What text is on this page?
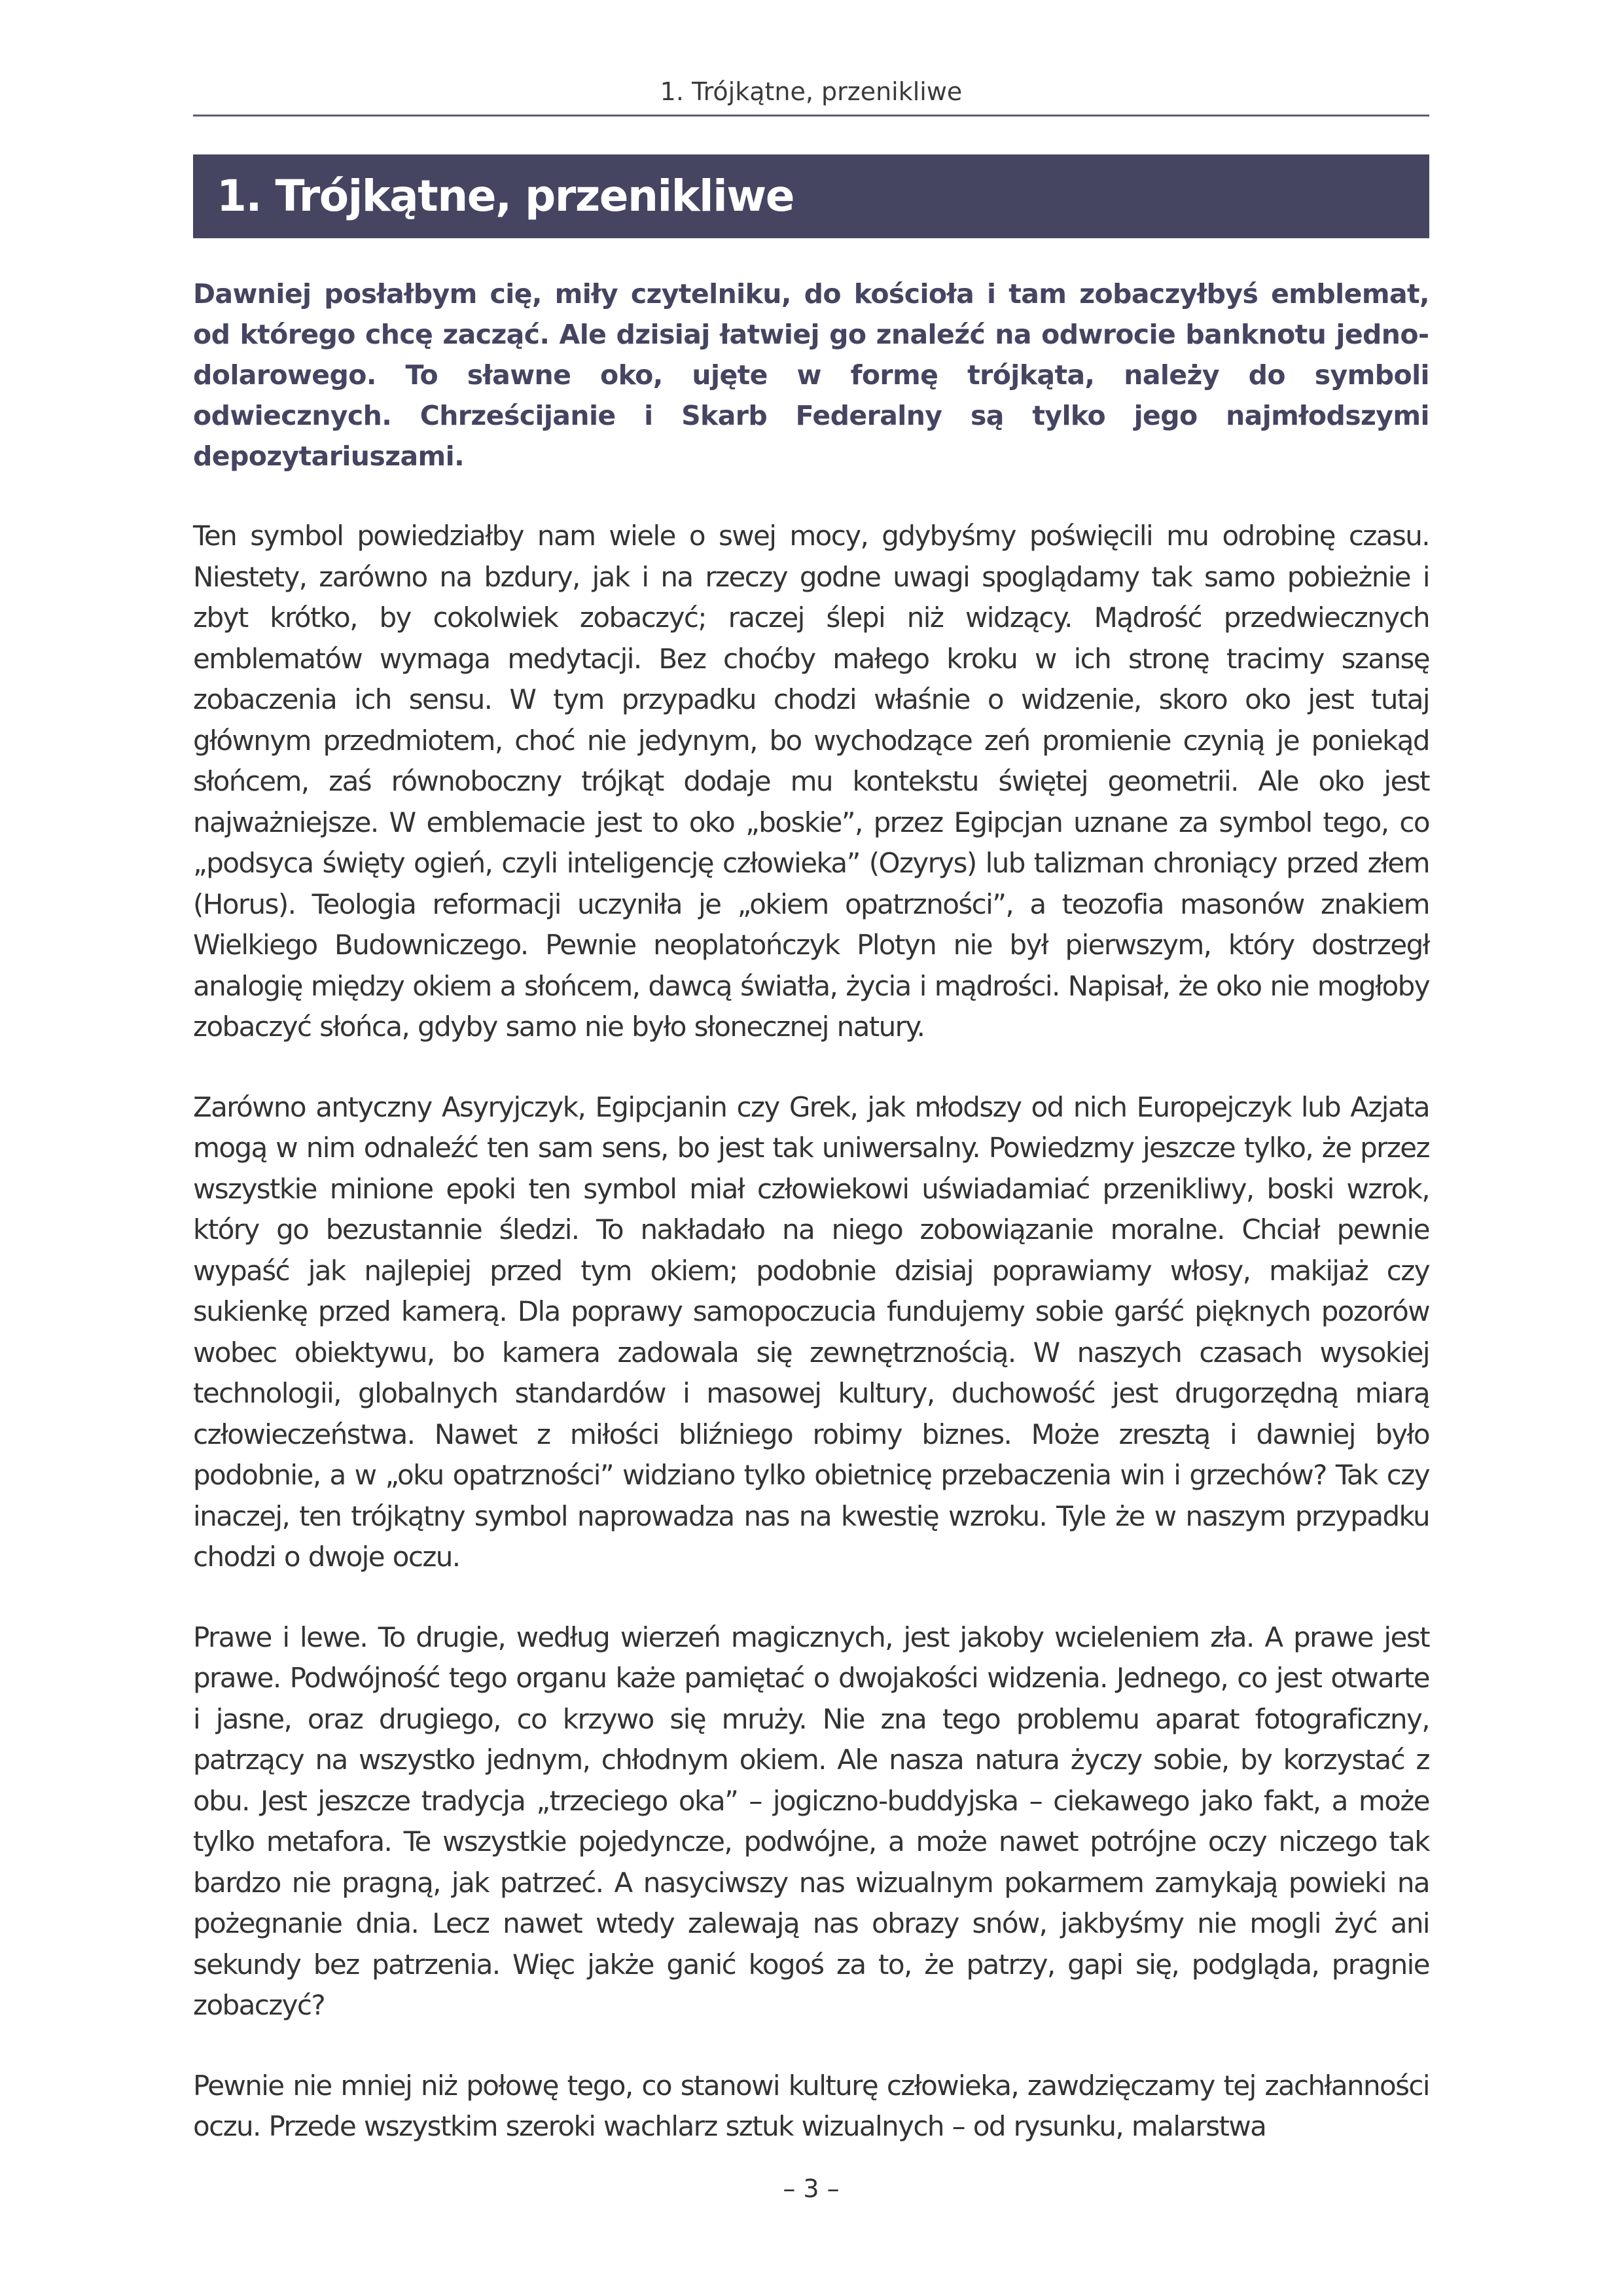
1. Trójkątne, przenikliwe
1. Trójkątne, przenikliwe

Dawniej posłałbym cię, miły czytelniku, do kościoła i tam zobaczyłbyś emblemat, od którego chcę zacząć. Ale dzisiaj łatwiej go znaleźć na odwrocie banknotu jednodolarowego. To sławne oko, ujęte w formę trójkąta, należy do symboli odwiecznych. Chrześcijanie i Skarb Federalny są tylko jego najmłodszymi depozytariuszami.

Ten symbol powiedziałby nam wiele o swej mocy, gdybyśmy poświęcili mu odrobinę czasu. Niestety, zarówno na bzdury, jak i na rzeczy godne uwagi spoglądamy tak samo pobieżnie i zbyt krótko, by cokolwiek zobaczyć; raczej ślepi niż widzący. Mądrość przedwiecznych emblematów wymaga medytacji. Bez choćby małego kroku w ich stronę tracimy szansę zobaczenia ich sensu. W tym przypadku chodzi właśnie o widzenie, skoro oko jest tutaj głównym przedmiotem, choć nie jedynym, bo wychodzące zeń promienie czynią je poniekąd słońcem, zaś równoboczny trójkąt dodaje mu kontekstu świętej geometrii. Ale oko jest najważniejsze. W emblemacie jest to oko „boskie”, przez Egipcjan uznane za symbol tego, co „podsyca święty ogień, czyli inteligencję człowieka” (Ozyrys) lub talizman chroniący przed złem (Horus). Teologia reformacji uczyniła je „okiem opatrzności”, a teozofia masonów znakiem Wielkiego Budowniczego. Pewnie neoplatończyk Plotyn nie był pierwszym, który dostrzegł analogię między okiem a słońcem, dawcą światła, życia i mądrości. Napisał, że oko nie mogłoby zobaczyć słońca, gdyby samo nie było słonecznej natury.

Zarówno antyczny Asyryjczyk, Egipcjanin czy Grek, jak młodszy od nich Europejczyk lub Azjata mogą w nim odnaleźć ten sam sens, bo jest tak uniwersalny. Powiedzmy jeszcze tylko, że przez wszystkie minione epoki ten symbol miał człowiekowi uświadamiać przenikliwy, boski wzrok, który go bezustannie śledzi. To nakładało na niego zobowiązanie moralne. Chciał pewnie wypaść jak najlepiej przed tym okiem; podobnie dzisiaj poprawiamy włosy, makijaż czy sukienkę przed kamerą. Dla poprawy samopoczucia fundujemy sobie garść pięknych pozorów wobec obiektywu, bo kamera zadowala się zewnętrznością. W naszych czasach wysokiej technologii, globalnych standardów i masowej kultury, duchowość jest drugorzędną miarą człowieczeństwa. Nawet z miłości bliźniego robimy biznes. Może zresztą i dawniej było podobnie, a w „oku opatrzności” widziano tylko obietnicę przebaczenia win i grzechów? Tak czy inaczej, ten trójkątny symbol naprowadza nas na kwestię wzroku. Tyle że w naszym przypadku chodzi o dwoje oczu.

Prawe i lewe. To drugie, według wierzeń magicznych, jest jakoby wcieleniem zła. A prawe jest prawe. Podwójność tego organu każe pamiętać o dwojakości widzenia. Jednego, co jest otwarte i jasne, oraz drugiego, co krzywo się mruży. Nie zna tego problemu aparat fotograficzny, patrzący na wszystko jednym, chłodnym okiem. Ale nasza natura życzy sobie, by korzystać z obu. Jest jeszcze tradycja „trzeciego oka” – jogiczno-buddyjska – ciekawego jako fakt, a może tylko metafora. Te wszystkie pojedyncze, podwójne, a może nawet potrójne oczy niczego tak bardzo nie pragną, jak patrzeć. A nasyciwszy nas wizualnym pokarmem zamykają powieki na pożegnanie dnia. Lecz nawet wtedy zalewają nas obrazy snów, jakbyśmy nie mogli żyć ani sekundy bez patrzenia. Więc jakże ganić kogoś za to, że patrzy, gapi się, podgląda, pragnie zobaczyć?

Pewnie nie mniej niż połowę tego, co stanowi kulturę człowieka, zawdzięczamy tej zachłanności oczu. Przede wszystkim szeroki wachlarz sztuk wizualnych – od rysunku, malarstwa

– 3 –
